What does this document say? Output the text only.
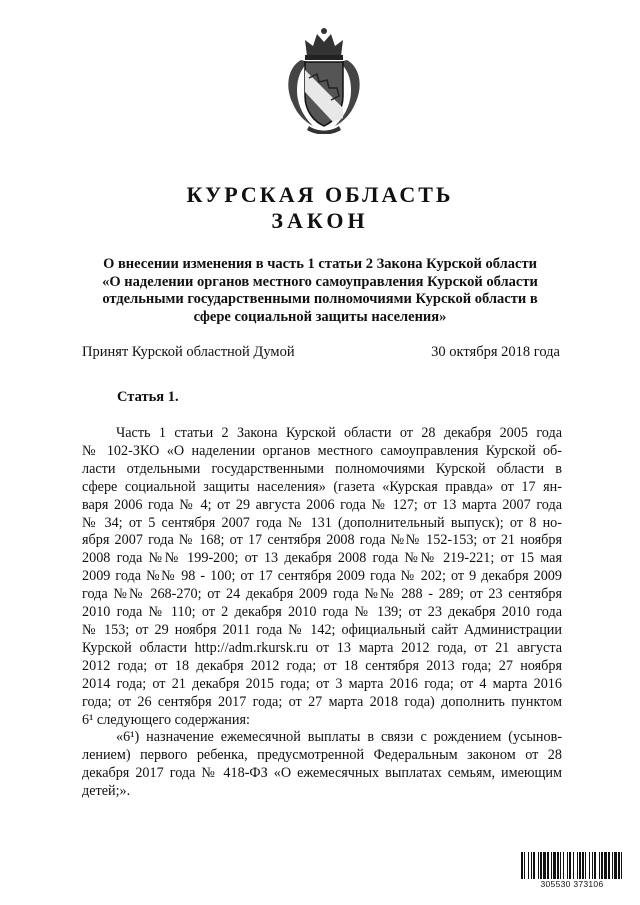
КУРСКАЯ ОБЛАСТЬ
ЗАКОН
О внесении изменения в часть 1 статьи 2 Закона Курской области
«О наделении органов местного самоуправления Курской области
отдельными государственными полномочиями Курской области в
сфере социальной защиты населения»
Принят Курской областной Думой	30 октября 2018 года
Статья 1.
Часть 1 статьи 2 Закона Курской области от 28 декабря 2005 года
№ 102-ЗКО «О наделении органов местного самоуправления Курской об-
ласти отдельными государственными полномочиями Курской области в
сфере социальной защиты населения» (газета «Курская правда» от 17 ян-
варя 2006 года № 4; от 29 августа 2006 года № 127; от 13 марта 2007 года
№ 34; от 5 сентября 2007 года № 131 (дополнительный выпуск); от 8 но-
ября 2007 года № 168; от 17 сентября 2008 года №№ 152-153; от 21 ноября
2008 года №№ 199-200; от 13 декабря 2008 года №№ 219-221; от 15 мая
2009 года №№ 98 - 100; от 17 сентября 2009 года № 202; от 9 декабря 2009
года №№ 268-270; от 24 декабря 2009 года №№ 288 - 289; от 23 сентября
2010 года № 110; от 2 декабря 2010 года № 139; от 23 декабря 2010 года
№ 153; от 29 ноября 2011 года № 142; официальный сайт Администрации
Курской области http://adm.rkursk.ru от 13 марта 2012 года, от 21 августа
2012 года; от 18 декабря 2012 года; от 18 сентября 2013 года; 27 ноября
2014 года; от 21 декабря 2015 года; от 3 марта 2016 года; от 4 марта 2016
года; от 26 сентября 2017 года; от 27 марта 2018 года) дополнить пунктом
6¹ следующего содержания:
«6¹) назначение ежемесячной выплаты в связи с рождением (усынов-
лением) первого ребенка, предусмотренной Федеральным законом от 28
декабря 2017 года № 418-ФЗ «О ежемесячных выплатах семьям, имеющим
детей;».
305530 373106
